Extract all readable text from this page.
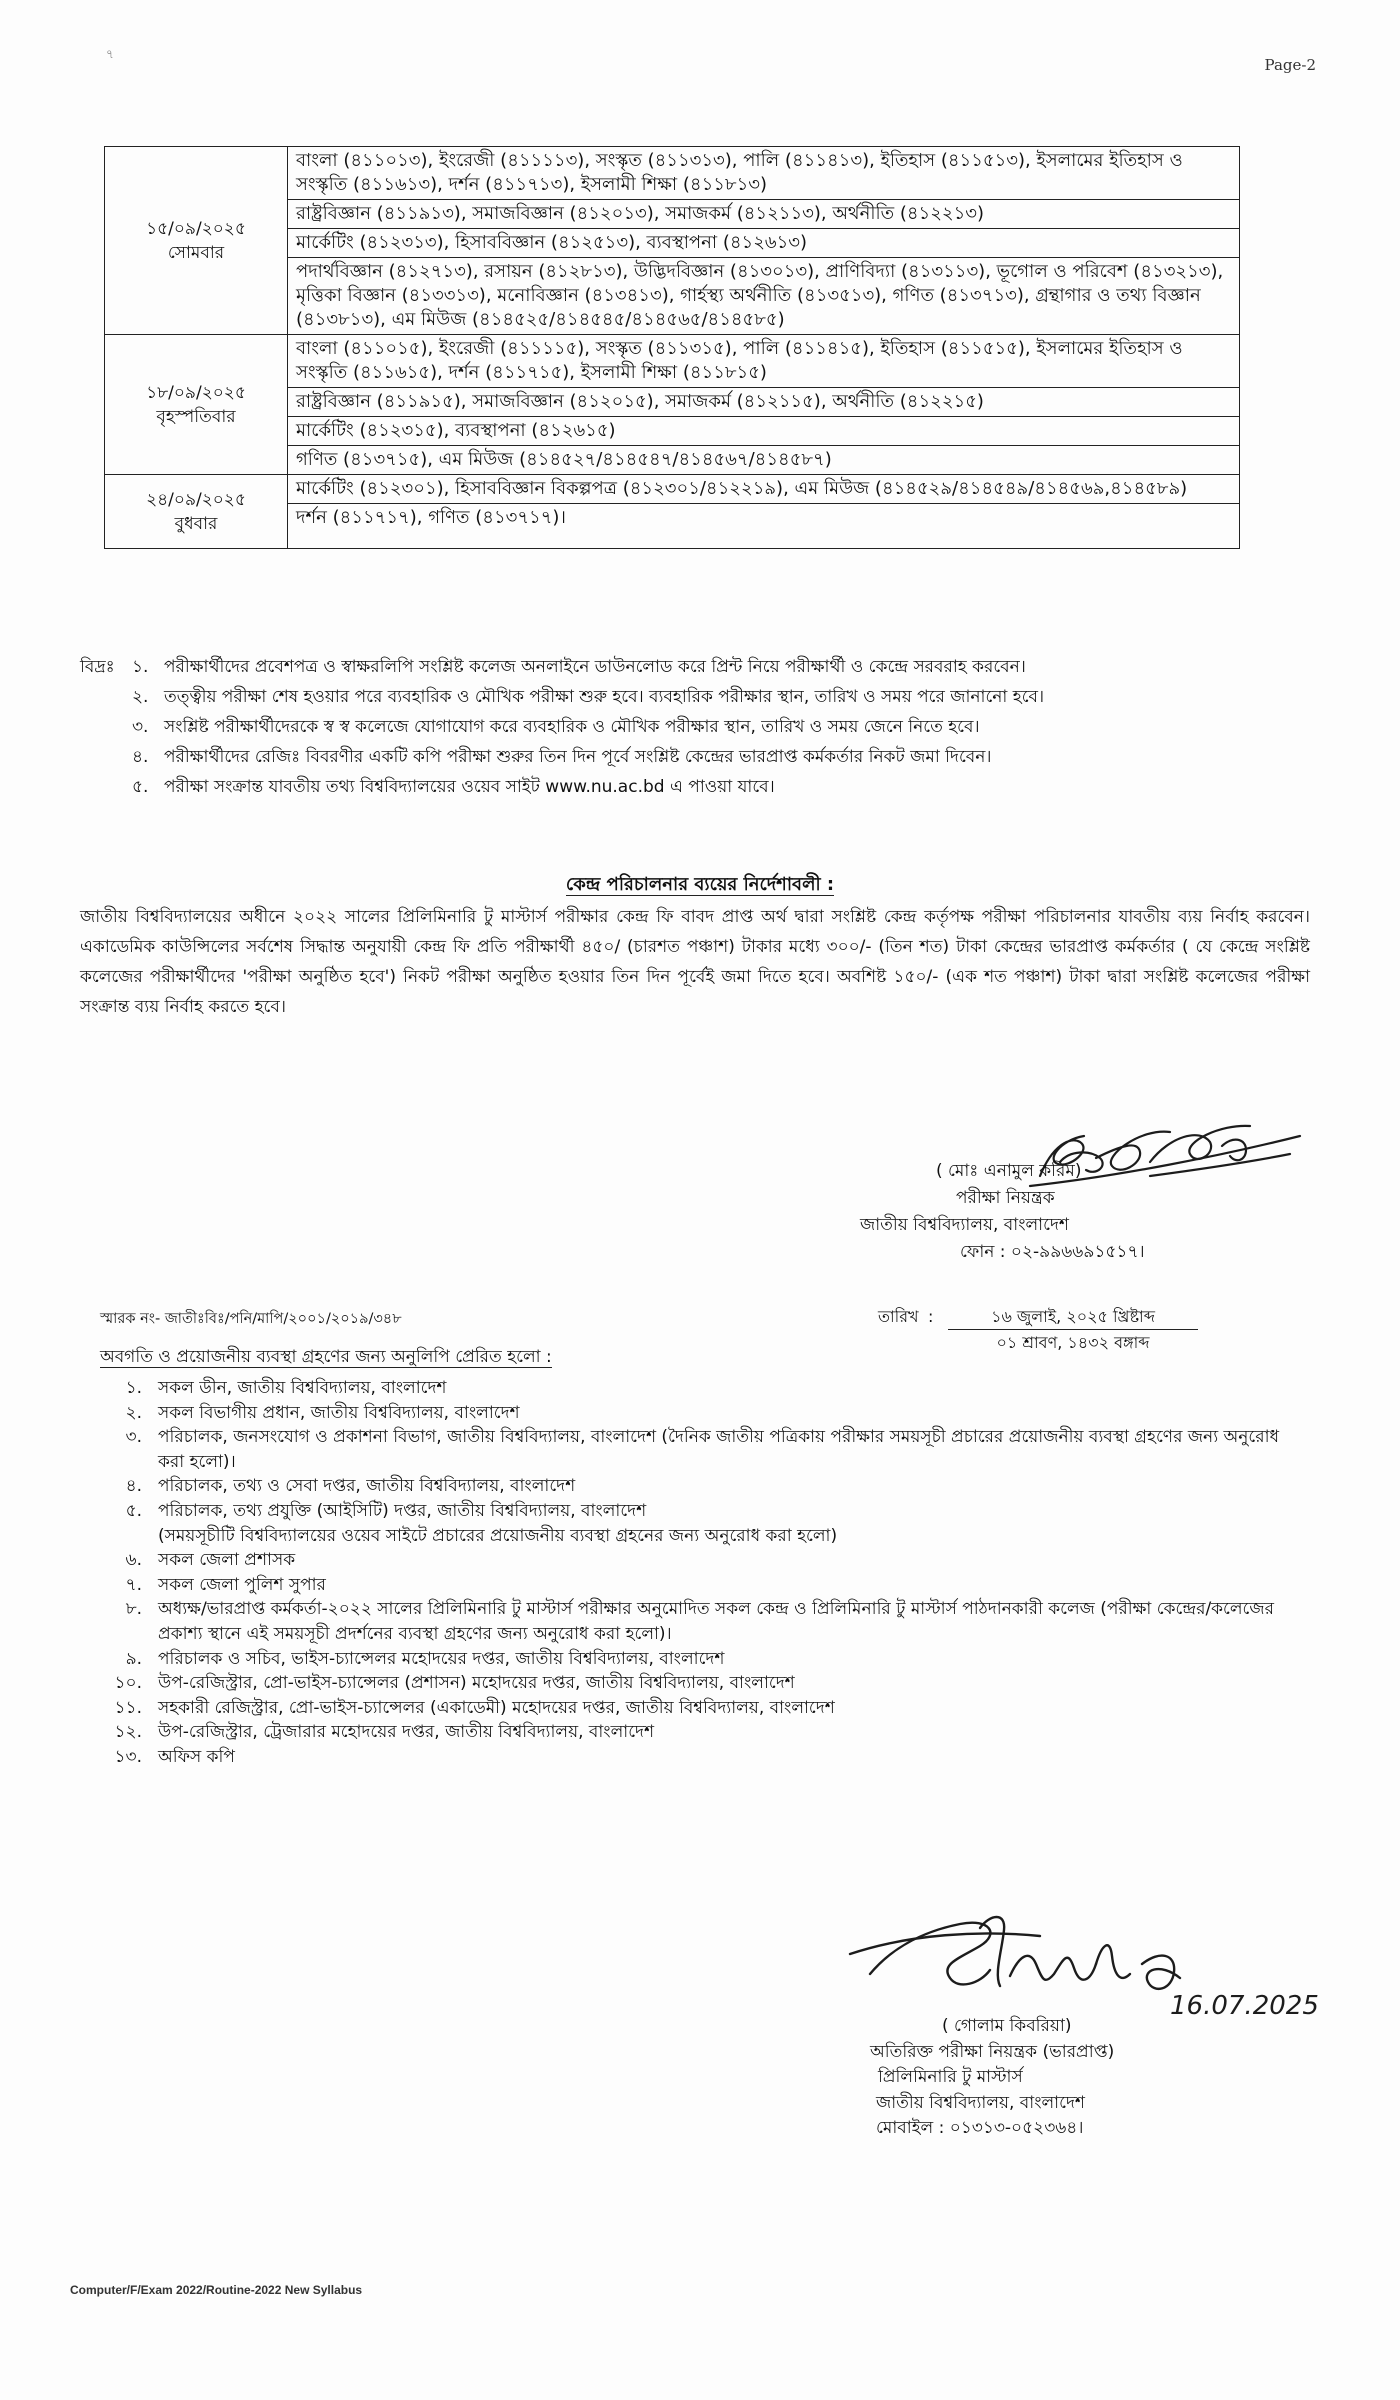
৭
Page-2
১৫/০৯/২০২৫
সোমবার	বাংলা (৪১১০১৩), ইংরেজী (৪১১১১৩), সংস্কৃত (৪১১৩১৩), পালি (৪১১৪১৩), ইতিহাস (৪১১৫১৩), ইসলামের ইতিহাস ও সংস্কৃতি (৪১১৬১৩), দর্শন (৪১১৭১৩), ইসলামী শিক্ষা (৪১১৮১৩)
	রাষ্ট্রবিজ্ঞান (৪১১৯১৩), সমাজবিজ্ঞান (৪১২০১৩), সমাজকর্ম (৪১২১১৩), অর্থনীতি (৪১২২১৩)
	মার্কেটিং (৪১২৩১৩), হিসাববিজ্ঞান (৪১২৫১৩), ব্যবস্থাপনা (৪১২৬১৩)
	পদার্থবিজ্ঞান (৪১২৭১৩), রসায়ন (৪১২৮১৩), উদ্ভিদবিজ্ঞান (৪১৩০১৩), প্রাণিবিদ্যা (৪১৩১১৩), ভূগোল ও পরিবেশ (৪১৩২১৩), মৃত্তিকা বিজ্ঞান (৪১৩৩১৩), মনোবিজ্ঞান (৪১৩৪১৩), গার্হস্থ্য অর্থনীতি (৪১৩৫১৩), গণিত (৪১৩৭১৩), গ্রন্থাগার ও তথ্য বিজ্ঞান (৪১৩৮১৩), এম মিউজ (৪১৪৫২৫/৪১৪৫৪৫/৪১৪৫৬৫/৪১৪৫৮৫)

১৮/০৯/২০২৫
বৃহস্পতিবার	বাংলা (৪১১০১৫), ইংরেজী (৪১১১১৫), সংস্কৃত (৪১১৩১৫), পালি (৪১১৪১৫), ইতিহাস (৪১১৫১৫), ইসলামের ইতিহাস ও সংস্কৃতি (৪১১৬১৫), দর্শন (৪১১৭১৫), ইসলামী শিক্ষা (৪১১৮১৫)
	রাষ্ট্রবিজ্ঞান (৪১১৯১৫), সমাজবিজ্ঞান (৪১২০১৫), সমাজকর্ম (৪১২১১৫), অর্থনীতি (৪১২২১৫)
	মার্কেটিং (৪১২৩১৫), ব্যবস্থাপনা (৪১২৬১৫)
	গণিত (৪১৩৭১৫), এম মিউজ (৪১৪৫২৭/৪১৪৫৪৭/৪১৪৫৬৭/৪১৪৫৮৭)

২৪/০৯/২০২৫
বুধবার	মার্কেটিং (৪১২৩০১), হিসাববিজ্ঞান বিকল্পপত্র (৪১২৩০১/৪১২২১৯), এম মিউজ (৪১৪৫২৯/৪১৪৫৪৯/৪১৪৫৬৯,৪১৪৫৮৯)
	দর্শন (৪১১৭১৭), গণিত (৪১৩৭১৭)।
বিদ্রঃ ১. পরীক্ষার্থীদের প্রবেশপত্র ও স্বাক্ষরলিপি সংশ্লিষ্ট কলেজ অনলাইনে ডাউনলোড করে প্রিন্ট নিয়ে পরীক্ষার্থী ও কেন্দ্রে সরবরাহ করবেন।
২. তত্ত্বীয় পরীক্ষা শেষ হওয়ার পরে ব্যবহারিক ও মৌখিক পরীক্ষা শুরু হবে। ব্যবহারিক পরীক্ষার স্থান, তারিখ ও সময় পরে জানানো হবে।
৩. সংশ্লিষ্ট পরীক্ষার্থীদেরকে স্ব স্ব কলেজে যোগাযোগ করে ব্যবহারিক ও মৌখিক পরীক্ষার স্থান, তারিখ ও সময় জেনে নিতে হবে।
৪. পরীক্ষার্থীদের রেজিঃ বিবরণীর একটি কপি পরীক্ষা শুরুর তিন দিন পূর্বে সংশ্লিষ্ট কেন্দ্রের ভারপ্রাপ্ত কর্মকর্তার নিকট জমা দিবেন।
৫. পরীক্ষা সংক্রান্ত যাবতীয় তথ্য বিশ্ববিদ্যালয়ের ওয়েব সাইট www.nu.ac.bd এ পাওয়া যাবে।
কেন্দ্র পরিচালনার ব্যয়ের নির্দেশাবলী :
জাতীয় বিশ্ববিদ্যালয়ের অধীনে ২০২২ সালের প্রিলিমিনারি টু মাস্টার্স পরীক্ষার কেন্দ্র ফি বাবদ প্রাপ্ত অর্থ দ্বারা সংশ্লিষ্ট কেন্দ্র কর্তৃপক্ষ পরীক্ষা পরিচালনার যাবতীয় ব্যয় নির্বাহ করবেন। একাডেমিক কাউন্সিলের সর্বশেষ সিদ্ধান্ত অনুযায়ী কেন্দ্র ফি প্রতি পরীক্ষার্থী ৪৫০/ (চারশত পঞ্চাশ) টাকার মধ্যে ৩০০/- (তিন শত) টাকা কেন্দ্রের ভারপ্রাপ্ত কর্মকর্তার ( যে কেন্দ্রে সংশ্লিষ্ট কলেজের পরীক্ষার্থীদের 'পরীক্ষা অনুষ্ঠিত হবে') নিকট পরীক্ষা অনুষ্ঠিত হওয়ার তিন দিন পূর্বেই জমা দিতে হবে। অবশিষ্ট ১৫০/- (এক শত পঞ্চাশ) টাকা দ্বারা সংশ্লিষ্ট কলেজের পরীক্ষা সংক্রান্ত ব্যয় নির্বাহ করতে হবে।
( মোঃ এনামুল করিম)
পরীক্ষা নিয়ন্ত্রক
জাতীয় বিশ্ববিদ্যালয়, বাংলাদেশ
ফোন : ০২-৯৯৬৬৯১৫১৭।
স্মারক নং- জাতীঃবিঃ/পনি/মাপি/২০০১/২০১৯/৩৪৮	তারিখ :	১৬ জুলাই, ২০২৫ খ্রিষ্টাব্দ
০১ শ্রাবণ, ১৪৩২ বঙ্গাব্দ
অবগতি ও প্রয়োজনীয় ব্যবস্থা গ্রহণের জন্য অনুলিপি প্রেরিত হলো :
১. সকল ডীন, জাতীয় বিশ্ববিদ্যালয়, বাংলাদেশ
২. সকল বিভাগীয় প্রধান, জাতীয় বিশ্ববিদ্যালয়, বাংলাদেশ
৩. পরিচালক, জনসংযোগ ও প্রকাশনা বিভাগ, জাতীয় বিশ্ববিদ্যালয়, বাংলাদেশ (দৈনিক জাতীয় পত্রিকায় পরীক্ষার সময়সূচী প্রচারের প্রয়োজনীয় ব্যবস্থা গ্রহণের জন্য অনুরোধ করা হলো)।
৪. পরিচালক, তথ্য ও সেবা দপ্তর, জাতীয় বিশ্ববিদ্যালয়, বাংলাদেশ
৫. পরিচালক, তথ্য প্রযুক্তি (আইসিটি) দপ্তর, জাতীয় বিশ্ববিদ্যালয়, বাংলাদেশ
(সময়সূচীটি বিশ্ববিদ্যালয়ের ওয়েব সাইটে প্রচারের প্রয়োজনীয় ব্যবস্থা গ্রহনের জন্য অনুরোধ করা হলো)
৬. সকল জেলা প্রশাসক
৭. সকল জেলা পুলিশ সুপার
৮. অধ্যক্ষ/ভারপ্রাপ্ত কর্মকর্তা-২০২২ সালের প্রিলিমিনারি টু মাস্টার্স পরীক্ষার অনুমোদিত সকল কেন্দ্র ও প্রিলিমিনারি টু মাস্টার্স পাঠদানকারী কলেজ (পরীক্ষা কেন্দ্রের/কলেজের প্রকাশ্য স্থানে এই সময়সূচী প্রদর্শনের ব্যবস্থা গ্রহণের জন্য অনুরোধ করা হলো)।
৯. পরিচালক ও সচিব, ভাইস-চ্যান্সেলর মহোদয়ের দপ্তর, জাতীয় বিশ্ববিদ্যালয়, বাংলাদেশ
১০. উপ-রেজিস্ট্রার, প্রো-ভাইস-চ্যান্সেলর (প্রশাসন) মহোদয়ের দপ্তর, জাতীয় বিশ্ববিদ্যালয়, বাংলাদেশ
১১. সহকারী রেজিস্ট্রার, প্রো-ভাইস-চ্যান্সেলর (একাডেমী) মহোদয়ের দপ্তর, জাতীয় বিশ্ববিদ্যালয়, বাংলাদেশ
১২. উপ-রেজিস্ট্রার, ট্রেজারার মহোদয়ের দপ্তর, জাতীয় বিশ্ববিদ্যালয়, বাংলাদেশ
১৩. অফিস কপি
16.07.2025
( গোলাম কিবরিয়া)
অতিরিক্ত পরীক্ষা নিয়ন্ত্রক (ভারপ্রাপ্ত)
প্রিলিমিনারি টু মাস্টার্স
জাতীয় বিশ্ববিদ্যালয়, বাংলাদেশ
মোবাইল : ০১৩১৩-০৫২৩৬৪।
Computer/F/Exam 2022/Routine-2022 New Syllabus
